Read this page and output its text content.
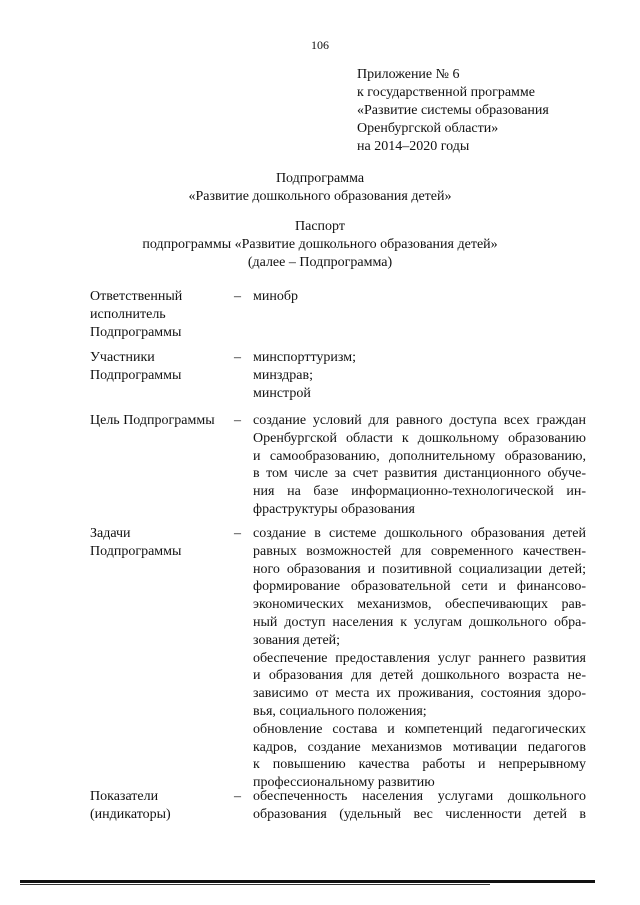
106
Приложение № 6
к государственной программе
«Развитие системы образования
Оренбургской области»
на 2014–2020 годы
Подпрограмма
«Развитие дошкольного образования детей»
Паспорт
подпрограммы «Развитие дошкольного образования детей»
(далее – Подпрограмма)
Ответственный
исполнитель
Подпрограммы
– минобр
Участники
Подпрограммы
– минспорттуризм;
минздрав;
минстрой
Цель Подпрограммы	– создание условий для равного доступа всех граждан
Оренбургской области к дошкольному образованию
и самообразованию, дополнительному образованию,
в том числе за счет развития дистанционного обуче-
ния на базе информационно-технологической ин-
фраструктуры образования
Задачи
Подпрограммы
– создание в системе дошкольного образования детей
равных возможностей для современного качествен-
ного образования и позитивной социализации детей;
формирование образовательной сети и финансово-
экономических механизмов, обеспечивающих рав-
ный доступ населения к услугам дошкольного обра-
зования детей;
обеспечение предоставления услуг раннего развития
и образования для детей дошкольного возраста не-
зависимо от места их проживания, состояния здоро-
вья, социального положения;
обновление состава и компетенций педагогических
кадров, создание механизмов мотивации педагогов
к повышению качества работы и непрерывному
профессиональному развитию
Показатели
(индикаторы)
– обеспеченность населения услугами дошкольного
образования (удельный вес численности детей в
